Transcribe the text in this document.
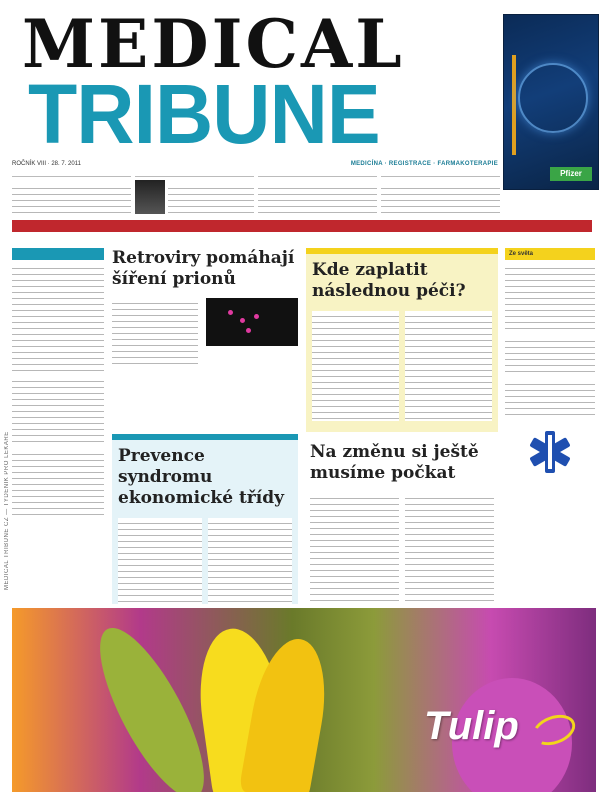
MEDICAL TRIBUNE CZ — TÝDENÍK PRO LÉKAŘE
MEDICAL
TRIBUNE
ROČNÍK VIII · 28. 7. 2011	MEDICÍNA · REGISTRACE · FARMAKOTERAPIE
Pfizer
Ze světa
Retroviry pomáhají šíření prionů	Kde zaplatit následnou péči?
Prevence syndromu ekonomické třídy
Na změnu si ještě musíme počkat
Tulip
